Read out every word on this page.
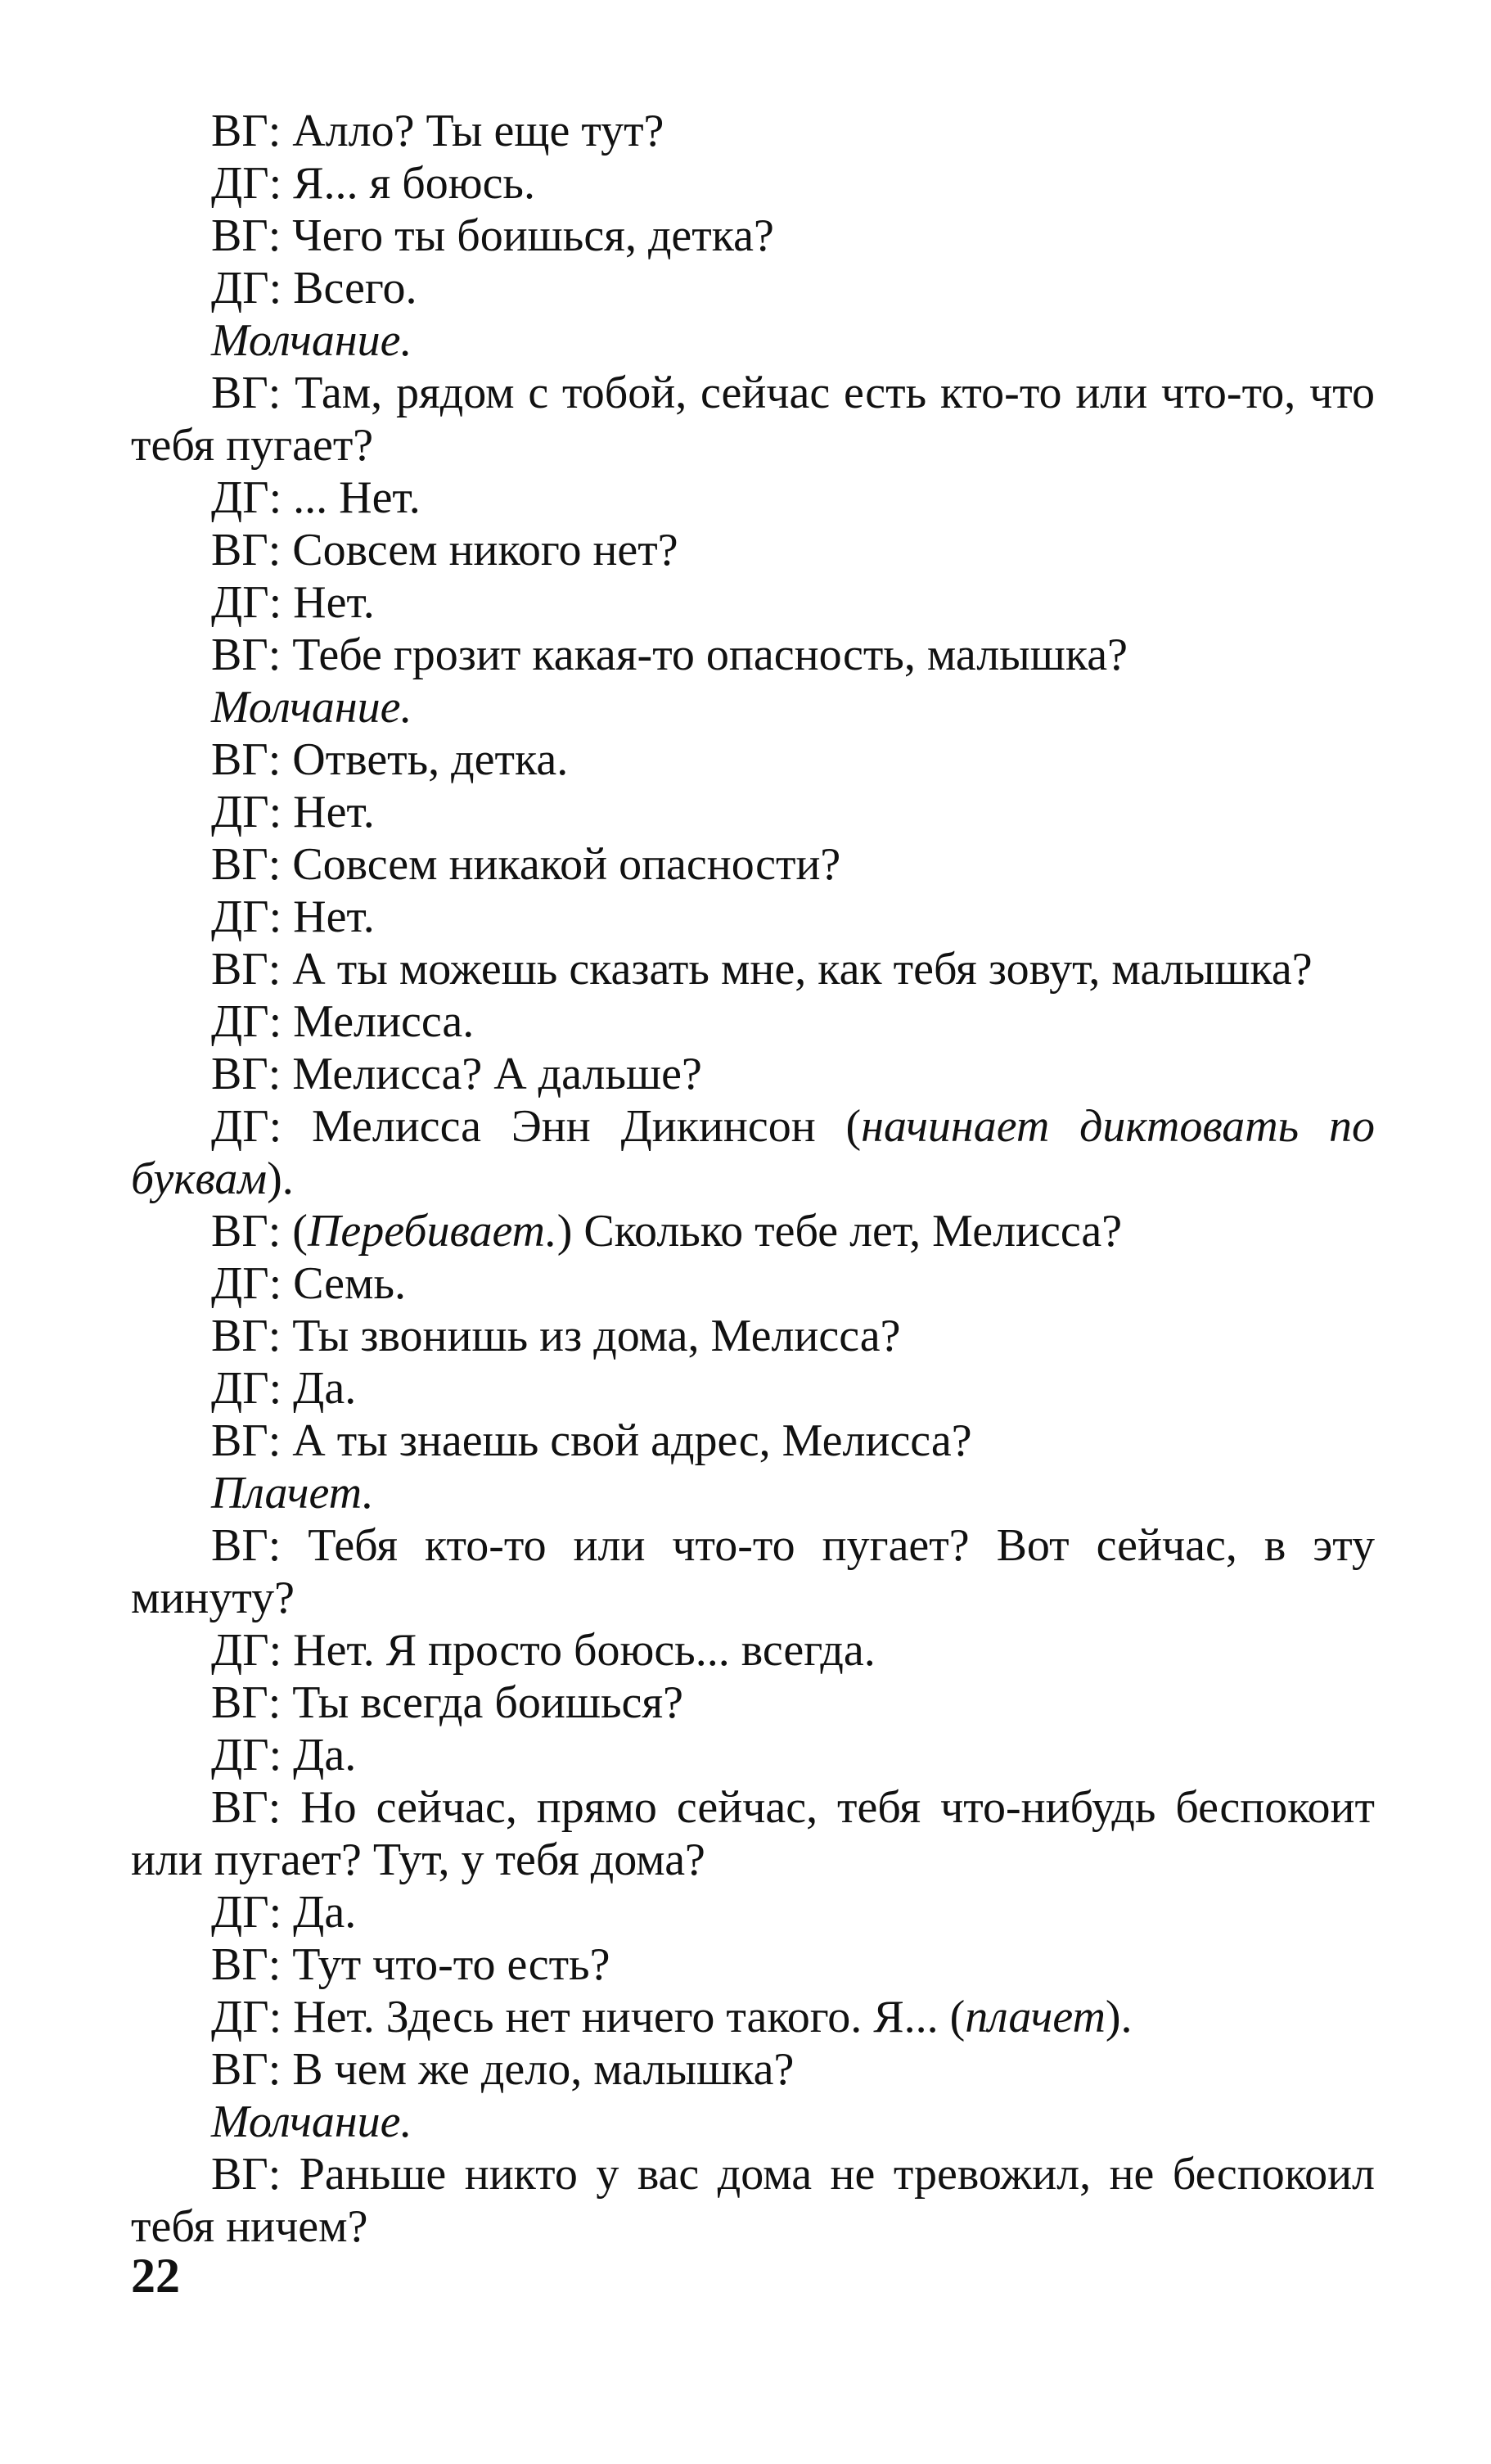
ВГ: Алло? Ты еще тут?

ДГ: Я... я боюсь.

ВГ: Чего ты боишься, детка?

ДГ: Всего.

Молчание.

ВГ: Там, рядом с тобой, сейчас есть кто-то или что-то, что тебя пугает?

ДГ: ... Нет.

ВГ: Совсем никого нет?

ДГ: Нет.

ВГ: Тебе грозит какая-то опасность, малышка?

Молчание.

ВГ: Ответь, детка.

ДГ: Нет.

ВГ: Совсем никакой опасности?

ДГ: Нет.

ВГ: А ты можешь сказать мне, как тебя зовут, малышка?

ДГ: Мелисса.

ВГ: Мелисса? А дальше?

ДГ: Мелисса Энн Дикинсон (начинает диктовать по буквам).

ВГ: (Перебивает.) Сколько тебе лет, Мелисса?

ДГ: Семь.

ВГ: Ты звонишь из дома, Мелисса?

ДГ: Да.

ВГ: А ты знаешь свой адрес, Мелисса?

Плачет.

ВГ: Тебя кто-то или что-то пугает? Вот сейчас, в эту минуту?

ДГ: Нет. Я просто боюсь... всегда.

ВГ: Ты всегда боишься?

ДГ: Да.

ВГ: Но сейчас, прямо сейчас, тебя что-нибудь беспокоит или пугает? Тут, у тебя дома?

ДГ: Да.

ВГ: Тут что-то есть?

ДГ: Нет. Здесь нет ничего такого. Я... (плачет).

ВГ: В чем же дело, малышка?

Молчание.

ВГ: Раньше никто у вас дома не тревожил, не беспокоил тебя ничем?

22
